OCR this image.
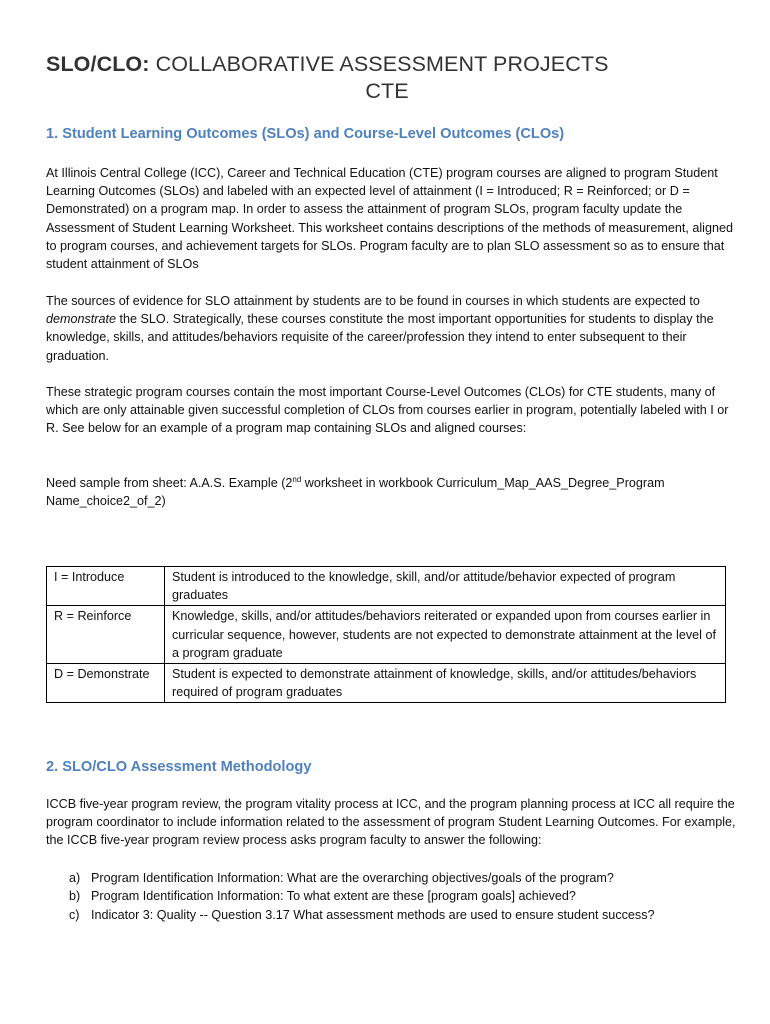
SLO/CLO: COLLABORATIVE ASSESSMENT PROJECTS
CTE
1. Student Learning Outcomes (SLOs) and Course-Level Outcomes (CLOs)
At Illinois Central College (ICC), Career and Technical Education (CTE) program courses are aligned to program Student Learning Outcomes (SLOs) and labeled with an expected level of attainment (I = Introduced; R = Reinforced; or D = Demonstrated) on a program map. In order to assess the attainment of program SLOs, program faculty update the Assessment of Student Learning Worksheet. This worksheet contains descriptions of the methods of measurement, aligned to program courses, and achievement targets for SLOs. Program faculty are to plan SLO assessment so as to ensure that student attainment of SLOs
The sources of evidence for SLO attainment by students are to be found in courses in which students are expected to demonstrate the SLO. Strategically, these courses constitute the most important opportunities for students to display the knowledge, skills, and attitudes/behaviors requisite of the career/profession they intend to enter subsequent to their graduation.
These strategic program courses contain the most important Course-Level Outcomes (CLOs) for CTE students, many of which are only attainable given successful completion of CLOs from courses earlier in program, potentially labeled with I or R. See below for an example of a program map containing SLOs and aligned courses:
Need sample from sheet: A.A.S. Example (2nd worksheet in workbook Curriculum_Map_AAS_Degree_Program Name_choice2_of_2)
I = Introduce	Student is introduced to the knowledge, skill, and/or attitude/behavior expected of program graduates
R = Reinforce	Knowledge, skills, and/or attitudes/behaviors reiterated or expanded upon from courses earlier in curricular sequence, however, students are not expected to demonstrate attainment at the level of a program graduate
D = Demonstrate	Student is expected to demonstrate attainment of knowledge, skills, and/or attitudes/behaviors required of program graduates
2. SLO/CLO Assessment Methodology
ICCB five-year program review, the program vitality process at ICC, and the program planning process at ICC all require the program coordinator to include information related to the assessment of program Student Learning Outcomes. For example, the ICCB five-year program review process asks program faculty to answer the following:
a) Program Identification Information: What are the overarching objectives/goals of the program?
b) Program Identification Information: To what extent are these [program goals] achieved?
c) Indicator 3: Quality -- Question 3.17 What assessment methods are used to ensure student success?
